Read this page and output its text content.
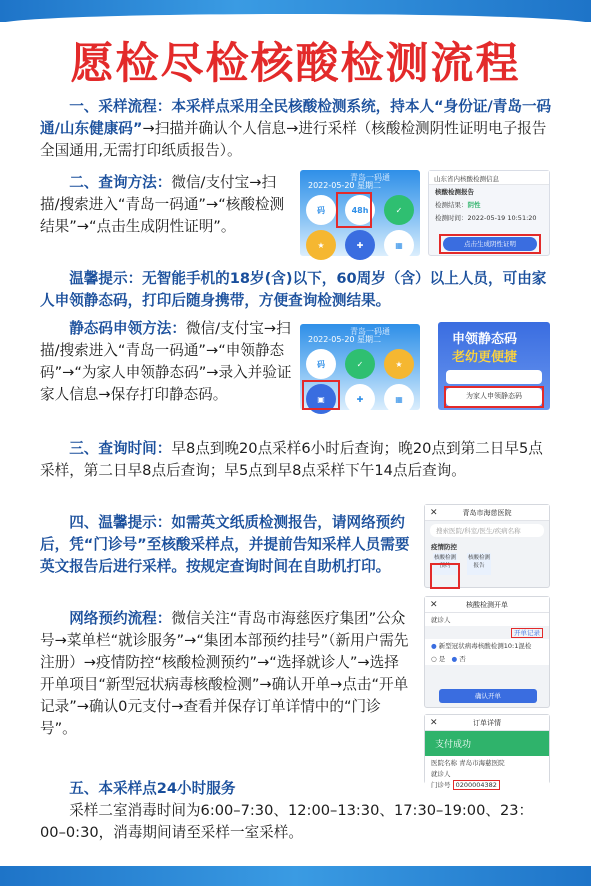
愿检尽检核酸检测流程

一、采样流程：本采样点采用全民核酸检测系统，持本人“身份证/青岛一码通/山东健康码”→扫描并确认个人信息→进行采样（核酸检测阴性证明电子报告全国通用,无需打印纸质报告）。

二、查询方法：微信/支付宝→扫描/搜索进入“青岛一码通”→“核酸检测结果”→“点击生成阴性证明”。

青岛一码通
2022-05-20 星期二
码	48h	✓
★	✚	▦
山东省内核酸检测信息
核酸检测报告
检测结果：阴性
检测时间：2022-05-19 10:51:20
点击生成阴性证明

温馨提示：无智能手机的18岁(含)以下，60周岁（含）以上人员，可由家人申领静态码，打印后随身携带，方便查询检测结果。

静态码申领方法：微信/支付宝→扫描/搜索进入“青岛一码通”→“申领静态码”→“为家人申领静态码”→录入并验证家人信息→保存打印静态码。

青岛一码通
2022-05-20 星期二
码	✓	★
▣	✚	▦
申领静态码
老幼更便捷
为家人申领静态码

三、查询时间：早8点到晚20点采样6小时后查询；晚20点到第二日早5点采样，第二日早8点后查询；早5点到早8点采样下午14点后查询。

四、温馨提示：如需英文纸质检测报告，请网络预约后，凭“门诊号”至核酸采样点，并提前告知采样人员需要英文报告后进行采样。按规定查询时间在自助机打印。

网络预约流程：微信关注“青岛市海慈医疗集团”公众号→菜单栏“就诊服务”→“集团本部预约挂号”（新用户需先注册）→疫情防控“核酸检测预约”→“选择就诊人”→选择开单项目“新型冠状病毒核酸检测”→确认开单→点击“开单记录”→确认0元支付→查看并保存订单详情中的“门诊号”。

✕	青岛市海慈医院
搜索医院/科室/医生/疾病名称
疫情防控
核酸检测预约
核酸检测报告
✕	核酸检测开单
就诊人
开单记录
● 新型冠状病毒核酸检测10:1混检
○ 是 ● 否
确认开单
✕	订单详情
支付成功
医院名称 青岛市海慈医院
就诊人
门诊号 0200004382

五、本采样点24小时服务

采样二室消毒时间为6:00–7:30、12:00–13:30、17:30–19:00、23：00–0:30，消毒期间请至采样一室采样。
